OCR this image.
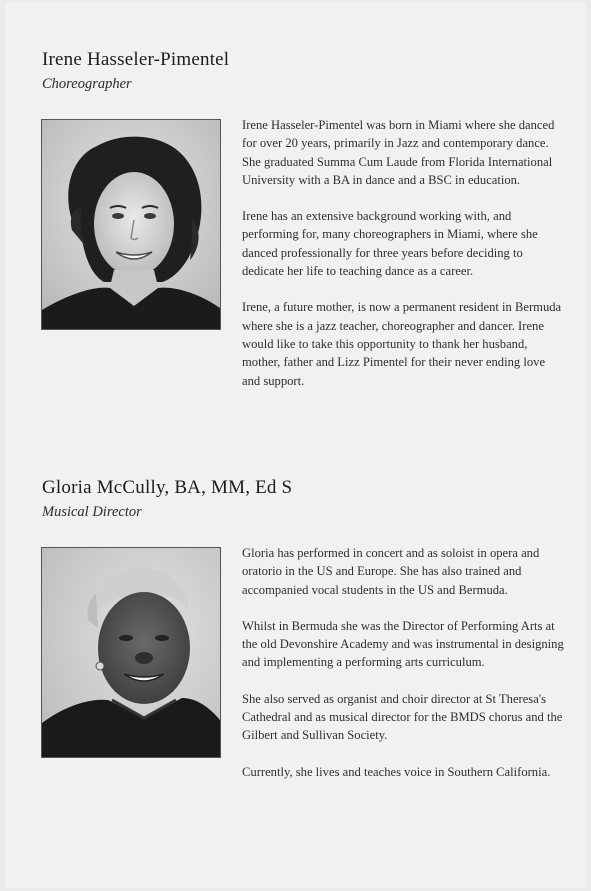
Irene Hasseler-Pimentel
Choreographer

Irene Hasseler-Pimentel was born in Miami where she danced for over 20 years, primarily in Jazz and contemporary dance. She graduated Summa Cum Laude from Florida International University with a BA in dance and a BSC in education.

Irene has an extensive background working with, and performing for, many choreographers in Miami, where she danced professionally for three years before deciding to dedicate her life to teaching dance as a career.

Irene, a future mother, is now a permanent resident in Bermuda where she is a jazz teacher, choreographer and dancer. Irene would like to take this opportunity to thank her husband, mother, father and Lizz Pimentel for their never ending love and support.

Gloria McCully, BA, MM, Ed S
Musical Director

Gloria has performed in concert and as soloist in opera and oratorio in the US and Europe. She has also trained and accompanied vocal students in the US and Bermuda.

Whilst in Bermuda she was the Director of Performing Arts at the old Devonshire Academy and was instrumental in designing and implementing a performing arts curriculum.

She also served as organist and choir director at St Theresa's Cathedral and as musical director for the BMDS chorus and the Gilbert and Sullivan Society.

Currently, she lives and teaches voice in Southern California.
